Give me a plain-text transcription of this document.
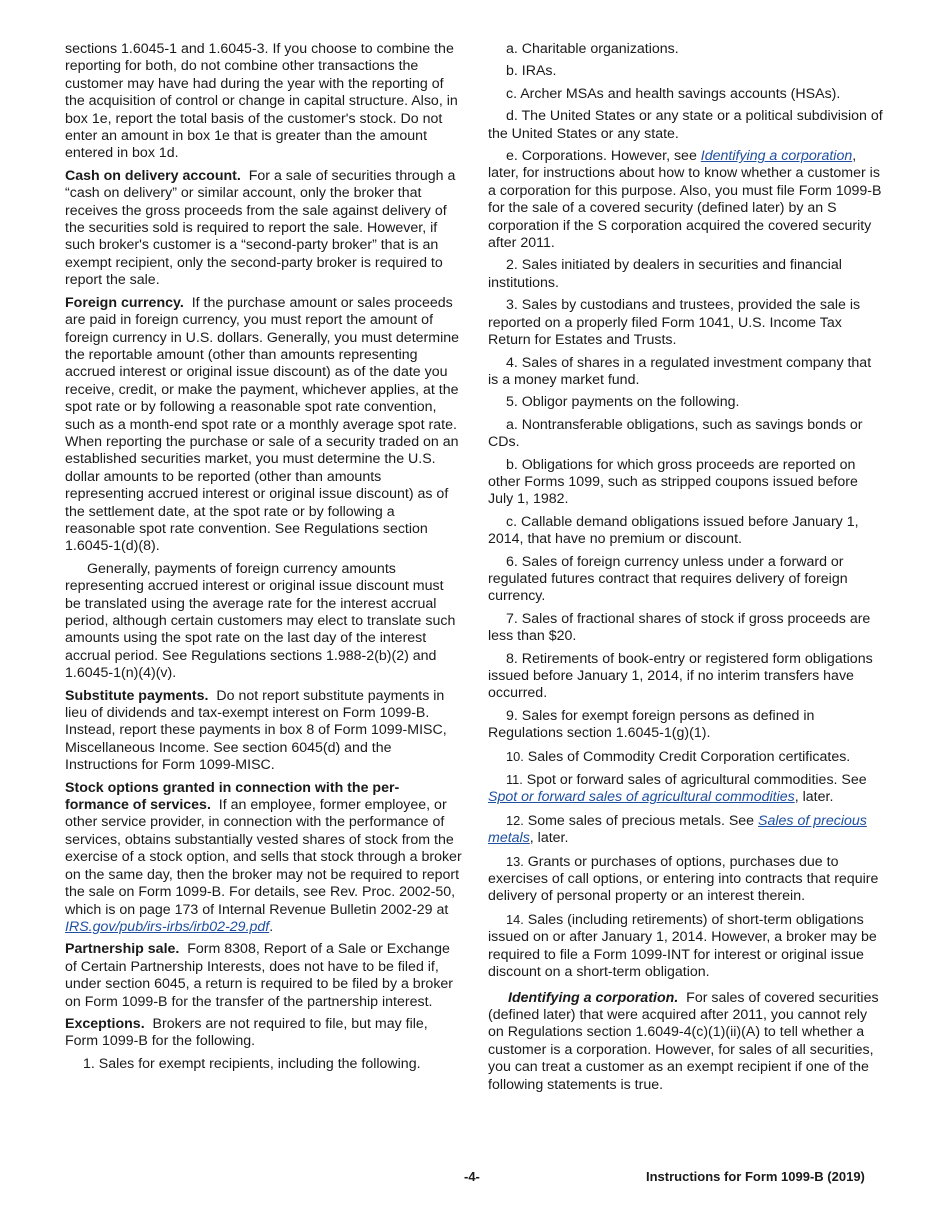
sections 1.6045-1 and 1.6045-3. If you choose to combine the reporting for both, do not combine other transactions the customer may have had during the year with the reporting of the acquisition of control or change in capital structure. Also, in box 1e, report the total basis of the customer's stock. Do not enter an amount in box 1e that is greater than the amount entered in box 1d.

Cash on delivery account. For a sale of securities through a “cash on delivery” or similar account, only the broker that receives the gross proceeds from the sale against delivery of the securities sold is required to report the sale. However, if such broker's customer is a “second-party broker” that is an exempt recipient, only the second-party broker is required to report the sale.

Foreign currency. If the purchase amount or sales proceeds are paid in foreign currency, you must report the amount of foreign currency in U.S. dollars. Generally, you must determine the reportable amount (other than amounts representing accrued interest or original issue discount) as of the date you receive, credit, or make the payment, whichever applies, at the spot rate or by following a reasonable spot rate convention, such as a month-end spot rate or a monthly average spot rate. When reporting the purchase or sale of a security traded on an established securities market, you must determine the U.S. dollar amounts to be reported (other than amounts representing accrued interest or original issue discount) as of the settlement date, at the spot rate or by following a reasonable spot rate convention. See Regulations section 1.6045-1(d)(8).

Generally, payments of foreign currency amounts representing accrued interest or original issue discount must be translated using the average rate for the interest accrual period, although certain customers may elect to translate such amounts using the spot rate on the last day of the interest accrual period. See Regulations sections 1.988-2(b)(2) and 1.6045-1(n)(4)(v).

Substitute payments. Do not report substitute payments in lieu of dividends and tax-exempt interest on Form 1099-B. Instead, report these payments in box 8 of Form 1099-MISC, Miscellaneous Income. See section 6045(d) and the Instructions for Form 1099-MISC.

Stock options granted in connection with the per-formance of services. If an employee, former employee, or other service provider, in connection with the performance of services, obtains substantially vested shares of stock from the exercise of a stock option, and sells that stock through a broker on the same day, then the broker may not be required to report the sale on Form 1099-B. For details, see Rev. Proc. 2002-50, which is on page 173 of Internal Revenue Bulletin 2002-29 at IRS.gov/pub/irs-irbs/irb02-29.pdf.

Partnership sale. Form 8308, Report of a Sale or Exchange of Certain Partnership Interests, does not have to be filed if, under section 6045, a return is required to be filed by a broker on Form 1099-B for the transfer of the partnership interest.

Exceptions. Brokers are not required to file, but may file, Form 1099-B for the following.

1. Sales for exempt recipients, including the following.

a. Charitable organizations.

b. IRAs.

c. Archer MSAs and health savings accounts (HSAs).

d. The United States or any state or a political subdivision of the United States or any state.

e. Corporations. However, see Identifying a corporation, later, for instructions about how to know whether a customer is a corporation for this purpose. Also, you must file Form 1099-B for the sale of a covered security (defined later) by an S corporation if the S corporation acquired the covered security after 2011.

2. Sales initiated by dealers in securities and financial institutions.

3. Sales by custodians and trustees, provided the sale is reported on a properly filed Form 1041, U.S. Income Tax Return for Estates and Trusts.

4. Sales of shares in a regulated investment company that is a money market fund.

5. Obligor payments on the following.

a. Nontransferable obligations, such as savings bonds or CDs.

b. Obligations for which gross proceeds are reported on other Forms 1099, such as stripped coupons issued before July 1, 1982.

c. Callable demand obligations issued before January 1, 2014, that have no premium or discount.

6. Sales of foreign currency unless under a forward or regulated futures contract that requires delivery of foreign currency.

7. Sales of fractional shares of stock if gross proceeds are less than $20.

8. Retirements of book-entry or registered form obligations issued before January 1, 2014, if no interim transfers have occurred.

9. Sales for exempt foreign persons as defined in Regulations section 1.6045-1(g)(1).

10. Sales of Commodity Credit Corporation certificates.

11. Spot or forward sales of agricultural commodities. See Spot or forward sales of agricultural commodities, later.

12. Some sales of precious metals. See Sales of precious metals, later.

13. Grants or purchases of options, purchases due to exercises of call options, or entering into contracts that require delivery of personal property or an interest therein.

14. Sales (including retirements) of short-term obligations issued on or after January 1, 2014. However, a broker may be required to file a Form 1099-INT for interest or original issue discount on a short-term obligation.

Identifying a corporation. For sales of covered securities (defined later) that were acquired after 2011, you cannot rely on Regulations section 1.6049-4(c)(1)(ii)(A) to tell whether a customer is a corporation. However, for sales of all securities, you can treat a customer as an exempt recipient if one of the following statements is true.

-4-	Instructions for Form 1099-B (2019)
